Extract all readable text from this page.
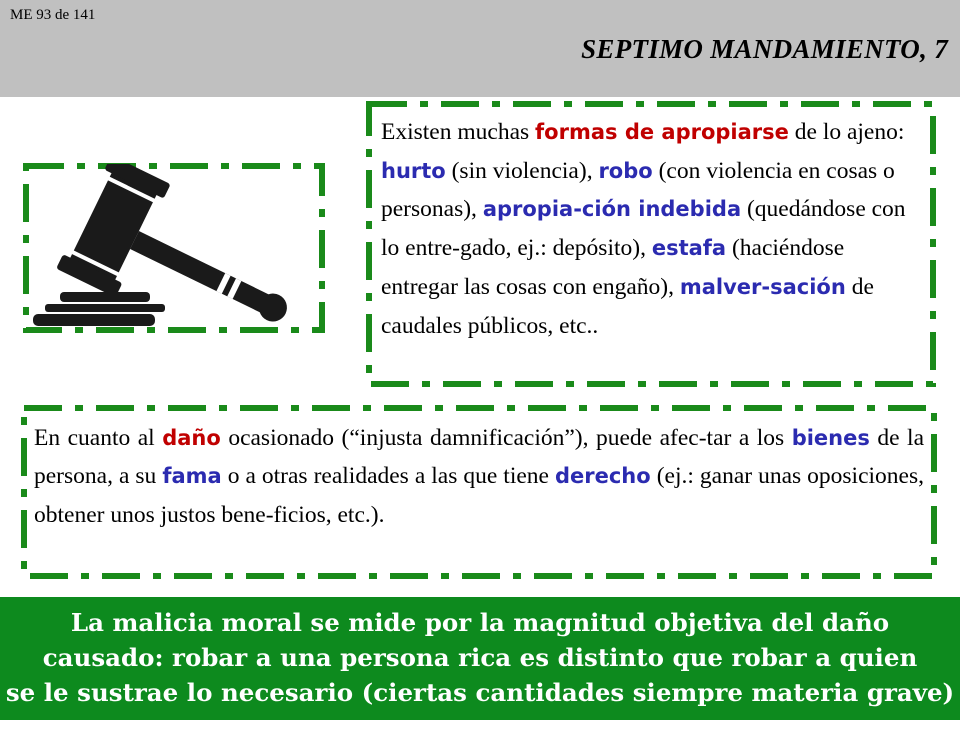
ME 93 de 141
SEPTIMO MANDAMIENTO, 7
Existen muchas formas de apropiarse de lo ajeno: hurto (sin violencia), robo (con violencia en cosas o personas), apropia-ción indebida (quedándose con lo entre-gado, ej.: depósito), estafa (haciéndose entregar las cosas con engaño), malver-sación de caudales públicos, etc..
En cuanto al daño ocasionado (“injusta damnificación”), puede afec-tar a los bienes de la persona, a su fama o a otras realidades a las que tiene derecho (ej.: ganar unas oposiciones, obtener unos justos bene-ficios, etc.).
La malicia moral se mide por la magnitud objetiva del daño
causado: robar a una persona rica es distinto que robar a quien
se le sustrae lo necesario (ciertas cantidades siempre materia grave) .
